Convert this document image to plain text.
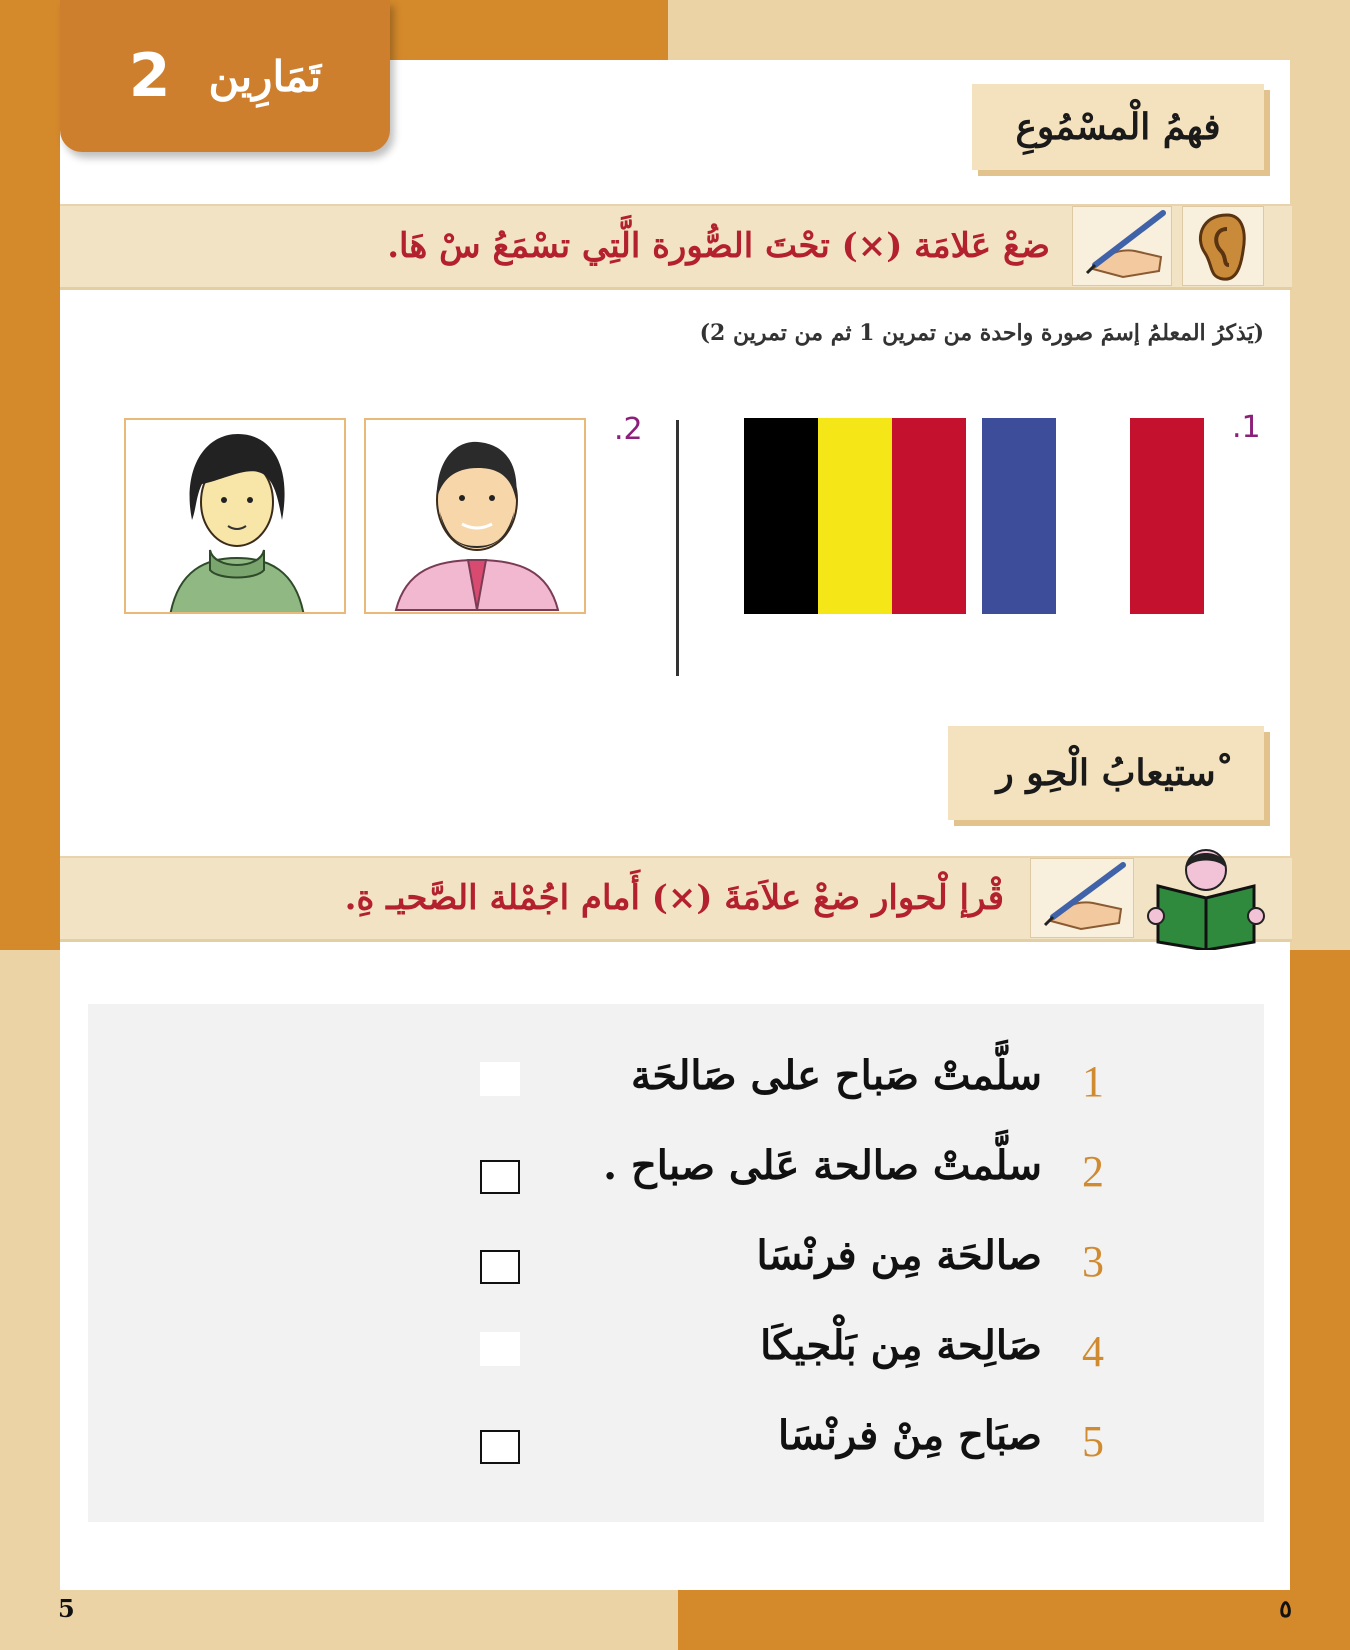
2 تَمَارِين
فهمُ الْمسْمُوعِ
ضعْ عَلامَة (×) تحْتَ الصُّورة الَّتِي تسْمَعُ سْ هَا.
(يَذكرُ المعلمُ إسمَ صورة واحدة من تمرين 1 ثم من تمرين 2)
.1
.2
ْستيعابُ الْحِو ر
قْرإ لْحوار ضعْ علاَمَةَ (×) أَمام اجُمْلة الصَّحيـ ةِ.
1
سلَّمتْ صَباح على صَالحَة
2
سلَّمتْ صالحة عَلى صباح .
3
صالحَة مِن فرنْسَا
4
صَالِحة مِن بَلْجيكَا
5
صبَاح مِنْ فرنْسَا
5	٥
